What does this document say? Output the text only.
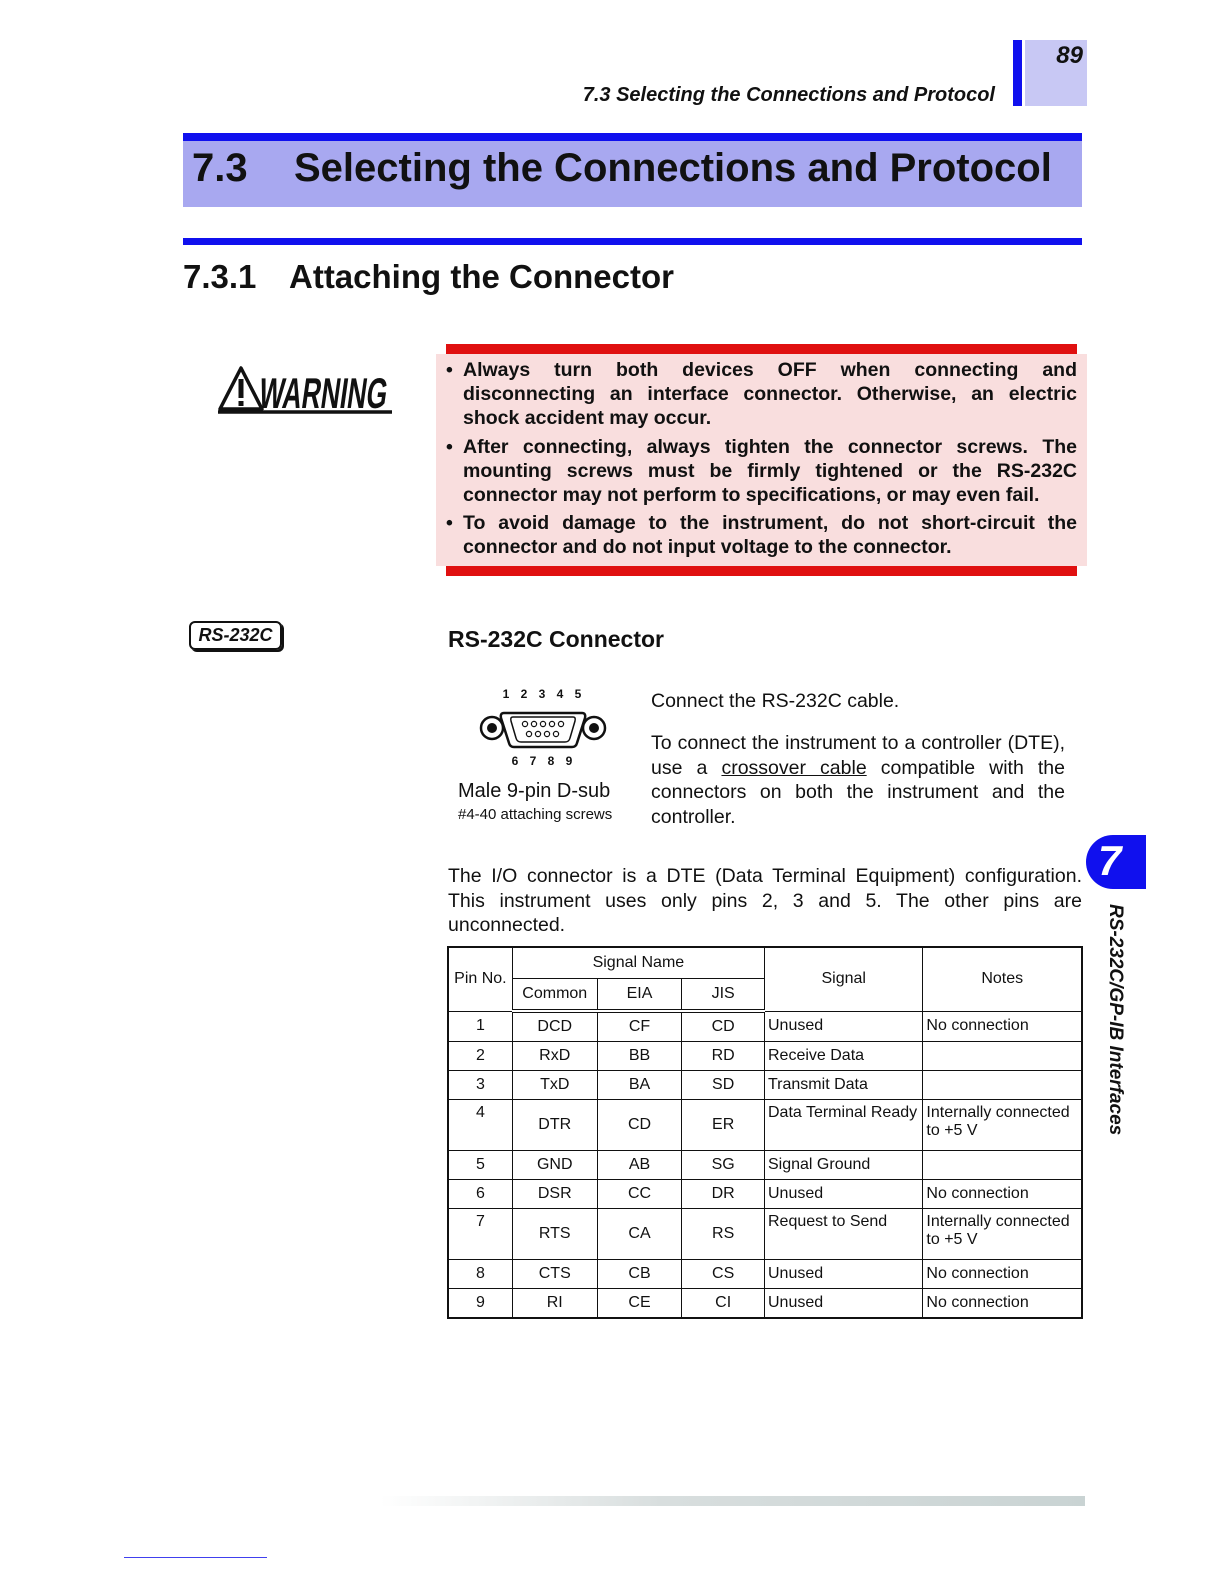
7.3 Selecting the Connections and Protocol
89
7.3 Selecting the Connections and Protocol
7.3.1 Attaching the Connector
WARNING
• Always turn both devices OFF when connecting and disconnecting an interface connector. Otherwise, an electric shock accident may occur.
• After connecting, always tighten the connector screws. The mounting screws must be firmly tightened or the RS-232C connector may not perform to specifications, or may even fail.
• To avoid damage to the instrument, do not short-circuit the connector and do not input voltage to the connector.
RS-232C	RS-232C Connector
1 2 3 4 5
6 7 8 9
Male 9-pin D-sub
#4-40 attaching screws
Connect the RS-232C cable.

To connect the instrument to a controller (DTE), use a crossover cable compatible with the connectors on both the instrument and the controller.

The I/O connector is a DTE (Data Terminal Equipment) configuration. This instrument uses only pins 2, 3 and 5. The other pins are unconnected.

7
RS-232C/GP-IB Interfaces
Pin No.	Signal Name			Signal	Notes
	Common	EIA	JIS		
1	DCD	CF	CD	Unused	No connection
2	RxD	BB	RD	Receive Data	
3	TxD	BA	SD	Transmit Data	
4	DTR	CD	ER	Data Terminal Ready	Internally connected to +5 V
5	GND	AB	SG	Signal Ground	
6	DSR	CC	DR	Unused	No connection
7	RTS	CA	RS	Request to Send	Internally connected to +5 V
8	CTS	CB	CS	Unused	No connection
9	RI	CE	CI	Unused	No connection
